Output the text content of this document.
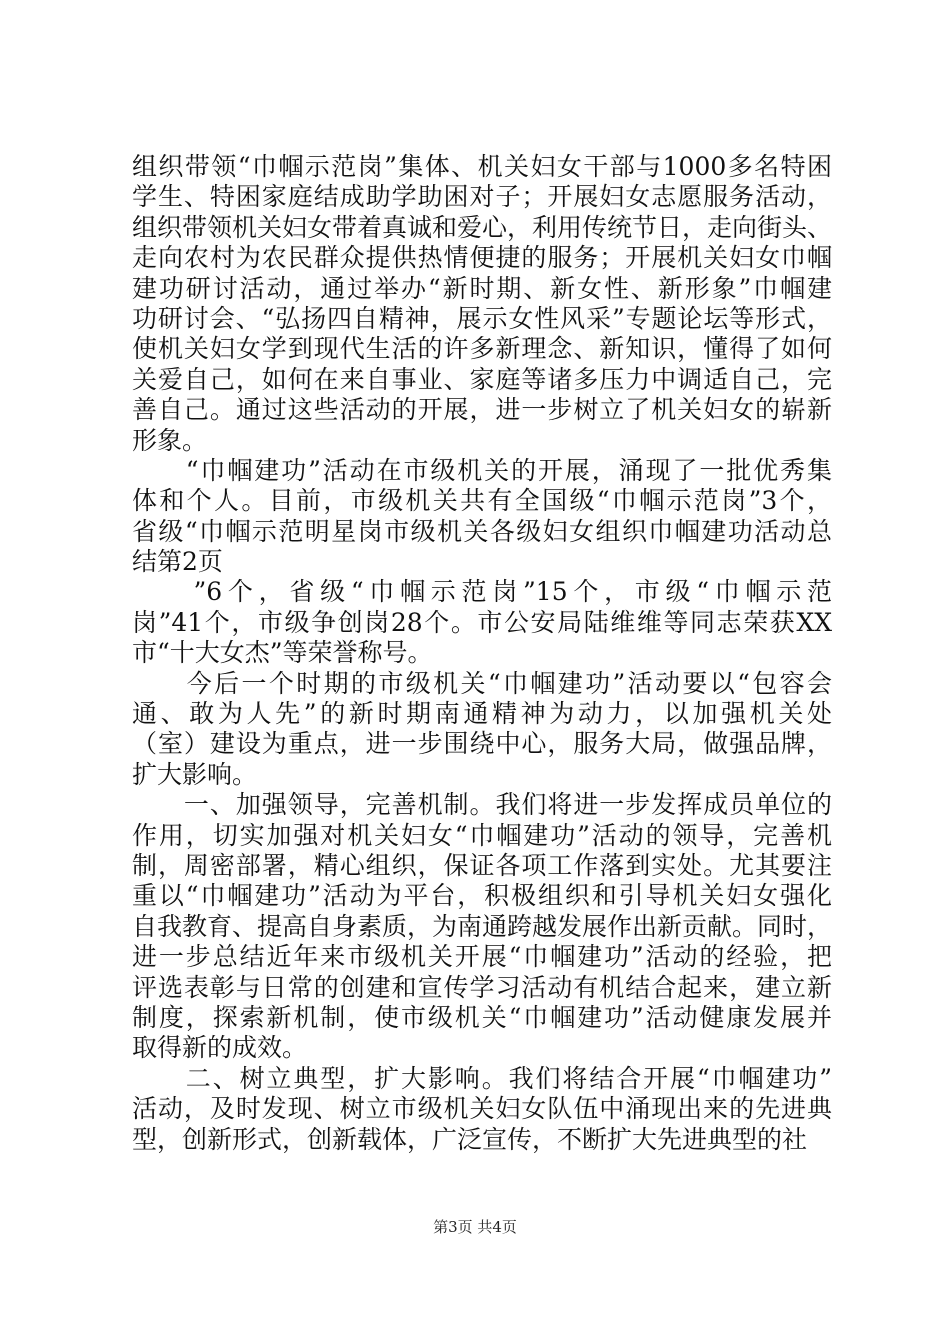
组织带领“巾帼示范岗”集体、机关妇女干部与1000多名特困
学生、特困家庭结成助学助困对子；开展妇女志愿服务活动，
组织带领机关妇女带着真诚和爱心，利用传统节日，走向街头、
走向农村为农民群众提供热情便捷的服务；开展机关妇女巾帼
建功研讨活动，通过举办“新时期、新女性、新形象”巾帼建
功研讨会、“弘扬四自精神，展示女性风采”专题论坛等形式，
使机关妇女学到现代生活的许多新理念、新知识，懂得了如何
关爱自己，如何在来自事业、家庭等诸多压力中调适自己，完
善自己。通过这些活动的开展，进一步树立了机关妇女的崭新
形象。
　　“巾帼建功”活动在市级机关的开展，涌现了一批优秀集
体和个人。目前，市级机关共有全国级“巾帼示范岗”3个，
省级“巾帼示范明星岗市级机关各级妇女组织巾帼建功活动总
结第2页
　　”6个，省级“巾帼示范岗”15个，市级“巾帼示范
岗”41个，市级争创岗28个。市公安局陆维维等同志荣获XX
市“十大女杰”等荣誉称号。
　　今后一个时期的市级机关“巾帼建功”活动要以“包容会
通、敢为人先”的新时期南通精神为动力，以加强机关处
（室）建设为重点，进一步围绕中心，服务大局，做强品牌，
扩大影响。
　　一、加强领导，完善机制。我们将进一步发挥成员单位的
作用，切实加强对机关妇女“巾帼建功”活动的领导，完善机
制，周密部署，精心组织，保证各项工作落到实处。尤其要注
重以“巾帼建功”活动为平台，积极组织和引导机关妇女强化
自我教育、提高自身素质，为南通跨越发展作出新贡献。同时，
进一步总结近年来市级机关开展“巾帼建功”活动的经验，把
评选表彰与日常的创建和宣传学习活动有机结合起来，建立新
制度，探索新机制，使市级机关“巾帼建功”活动健康发展并
取得新的成效。
　　二、树立典型，扩大影响。我们将结合开展“巾帼建功”
活动，及时发现、树立市级机关妇女队伍中涌现出来的先进典
型，创新形式，创新载体，广泛宣传，不断扩大先进典型的社
第3页 共4页
